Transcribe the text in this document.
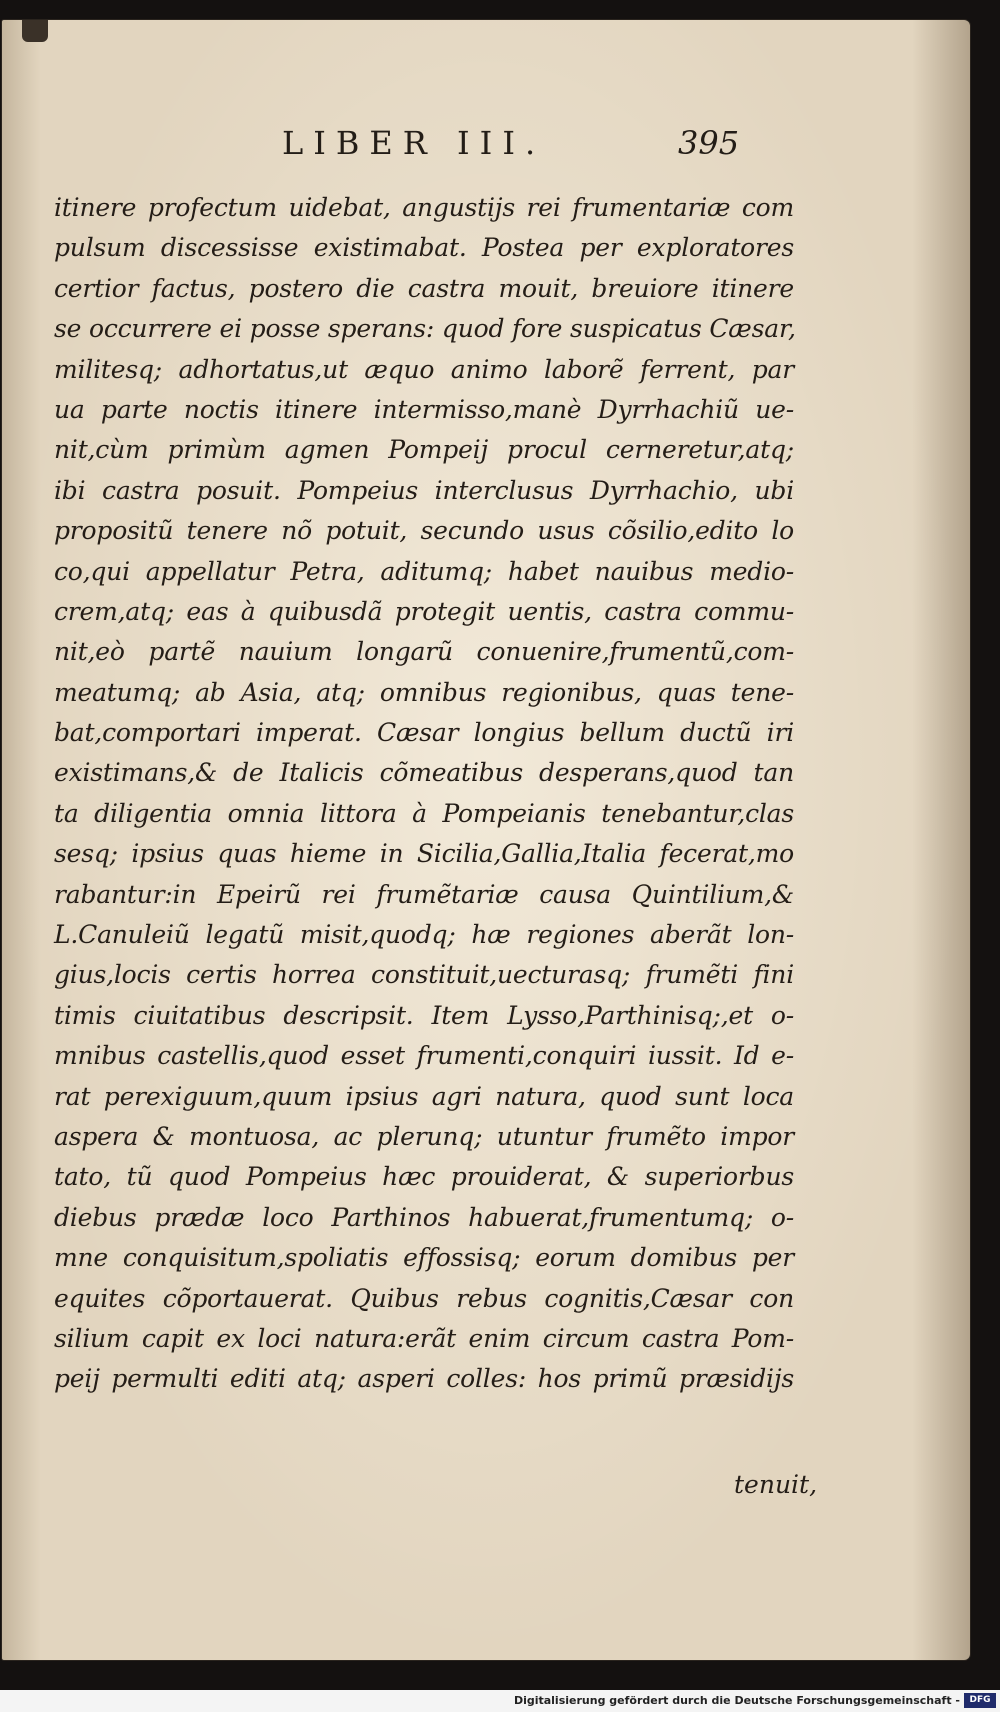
LIBER III.	395
itinere profectum uidebat, angustijs rei frumentariæ com
pulsum discessisse existimabat. Postea per exploratores
certior factus, postero die castra mouit, breuiore itinere
se occurrere ei posse sperans: quod fore suspicatus Cæsar,
militesq; adhortatus,ut æquo animo laborẽ ferrent, par
ua parte noctis itinere intermisso,manè Dyrrhachiũ ue-
nit,cùm primùm agmen Pompeij procul cerneretur,atq;
ibi castra posuit. Pompeius interclusus Dyrrhachio, ubi
propositũ tenere nõ potuit, secundo usus cõsilio,edito lo
co,qui appellatur Petra, aditumq; habet nauibus medio-
crem,atq; eas à quibusdã protegit uentis, castra commu-
nit,eò partẽ nauium longarũ conuenire,frumentũ,com-
meatumq; ab Asia, atq; omnibus regionibus, quas tene-
bat,comportari imperat. Cæsar longius bellum ductũ iri
existimans,& de Italicis cõmeatibus desperans,quod tan
ta diligentia omnia littora à Pompeianis tenebantur,clas
sesq; ipsius quas hieme in Sicilia,Gallia,Italia fecerat,mo
rabantur:in Epeirũ rei frumẽtariæ causa Quintilium,&
L.Canuleiũ legatũ misit,quodq; hæ regiones aberãt lon-
gius,locis certis horrea constituit,uecturasq; frumẽti fini
timis ciuitatibus descripsit. Item Lysso,Parthinisq;,et o-
mnibus castellis,quod esset frumenti,conquiri iussit. Id e-
rat perexiguum,quum ipsius agri natura, quod sunt loca
aspera & montuosa, ac plerunq; utuntur frumẽto impor
tato, tũ quod Pompeius hæc prouiderat, & superiorbus
diebus prædæ loco Parthinos habuerat,frumentumq; o-
mne conquisitum,spoliatis effossisq; eorum domibus per
equites cõportauerat. Quibus rebus cognitis,Cæsar con
silium capit ex loci natura:erãt enim circum castra Pom-
peij permulti editi atq; asperi colles: hos primũ præsidijs
tenuit,
Digitalisierung gefördert durch die Deutsche Forschungsgemeinschaft -	DFG
